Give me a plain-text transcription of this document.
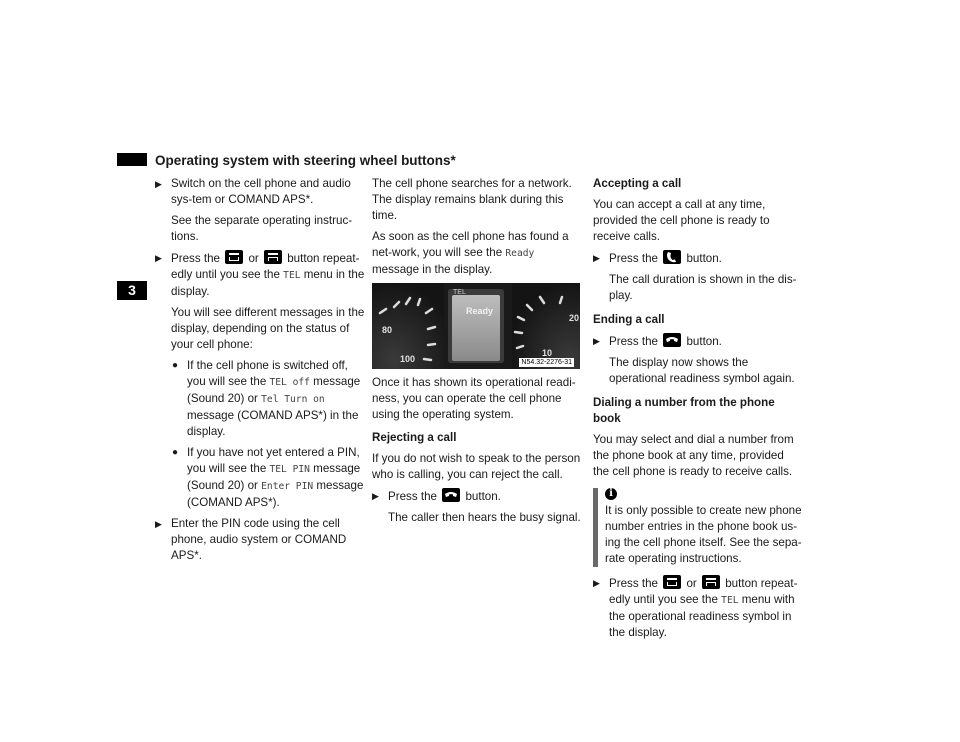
Operating system with steering wheel buttons*
3
▶ Switch on the cell phone and audio sys-tem or COMAND APS*.

See the separate operating instruc-tions.

▶ Press the or button repeat-edly until you see the TEL menu in the display.

You will see different messages in the display, depending on the status of your cell phone:

● If the cell phone is switched off, you will see the TEL off message (Sound 20) or Tel Turn on message (COMAND APS*) in the display.
● If you have not yet entered a PIN, you will see the TEL PIN message (Sound 20) or Enter PIN message (COMAND APS*).
▶ Enter the PIN code using the cell phone, audio system or COMAND APS*.

The cell phone searches for a network. The display remains blank during this time.

As soon as the cell phone has found a net-work, you will see the Ready message in the display.

TEL
Ready
80
100
10
20
N54.32-2276-31

Once it has shown its operational readi-ness, you can operate the cell phone using the operating system.

Rejecting a call

If you do not wish to speak to the person who is calling, you can reject the call.

▶ Press the button.

The caller then hears the busy signal.

Accepting a call

You can accept a call at any time, provided the cell phone is ready to receive calls.

▶ Press the button.

The call duration is shown in the dis-play.

Ending a call

▶ Press the button.

The display now shows the operational readiness symbol again.

Dialing a number from the phone book

You may select and dial a number from the phone book at any time, provided the cell phone is ready to receive calls.

i
It is only possible to create new phone number entries in the phone book us-ing the cell phone itself. See the sepa-rate operating instructions.
▶ Press the or button repeat-edly until you see the TEL menu with the operational readiness symbol in the display.
